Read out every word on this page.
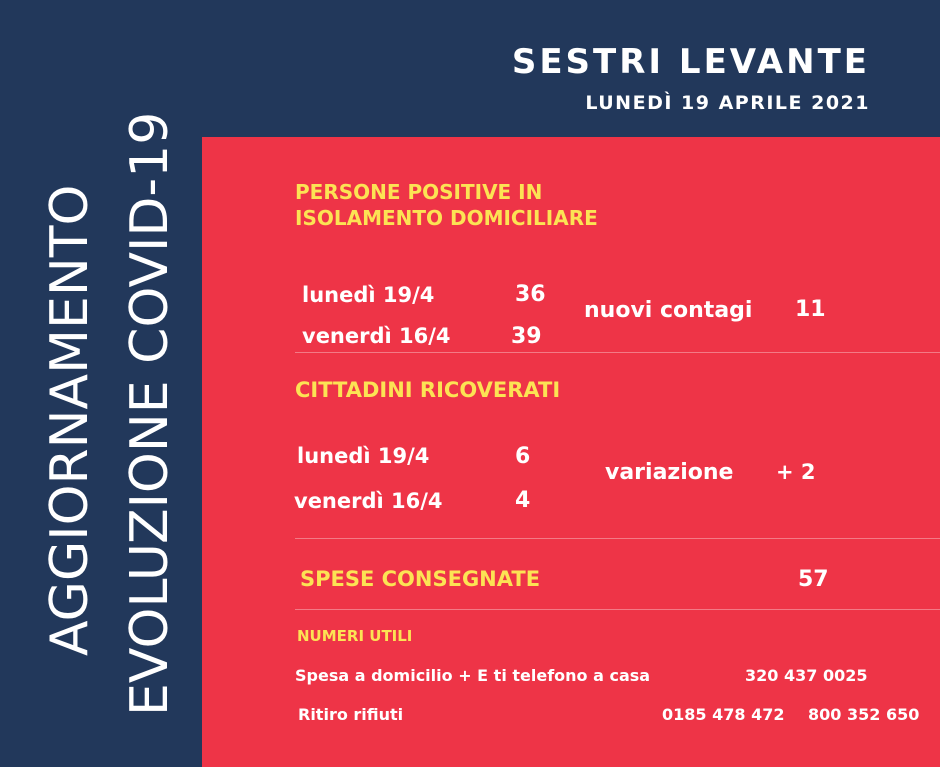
AGGIORNAMENTO EVOLUZIONE COVID-19
SESTRI LEVANTE
LUNEDÌ 19 APRILE 2021
PERSONE POSITIVE IN
ISOLAMENTO DOMICILIARE
lunedì 19/4	36
venerdì 16/4	39
nuovi contagi 11
CITTADINI RICOVERATI
lunedì 19/4	6
venerdì 16/4	4
variazione + 2
SPESE CONSEGNATE	57
NUMERI UTILI
Spesa a domicilio + E ti telefono a casa	320 437 0025
Ritiro rifiuti	0185 478 472 800 352 650
